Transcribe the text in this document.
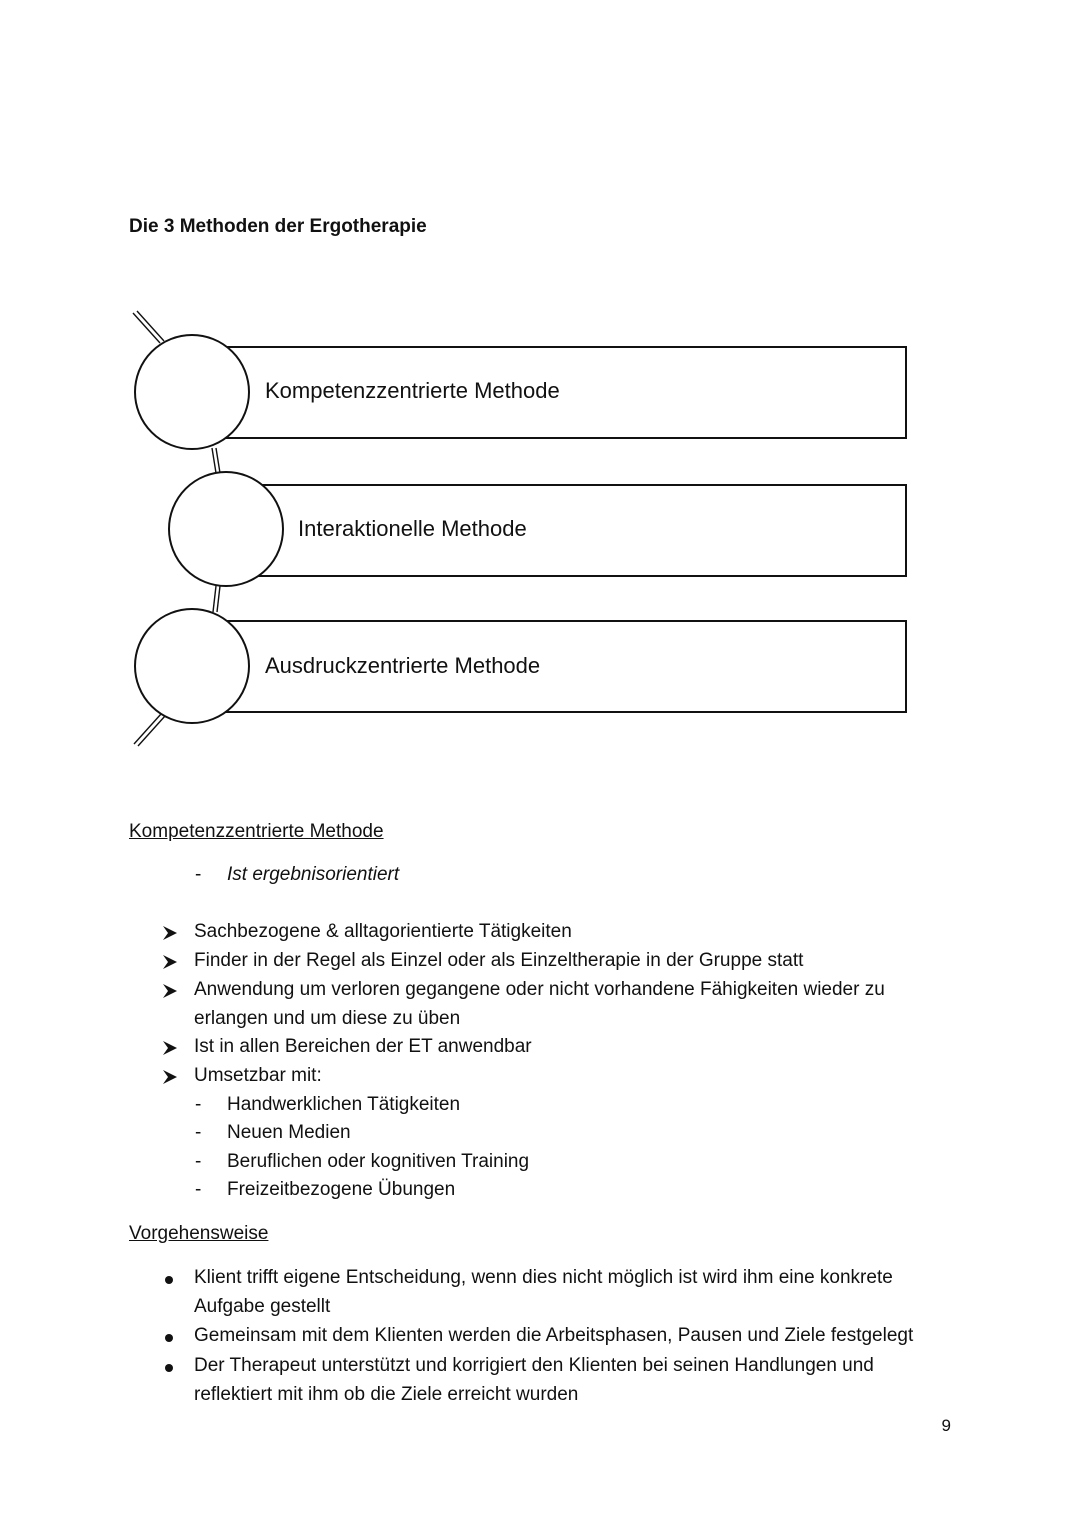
Die 3 Methoden der Ergotherapie
Kompetenzzentrierte Methode
Interaktionelle Methode
Ausdruckzentrierte Methode
Kompetenzzentrierte Methode
- Ist ergebnisorientiert
Sachbezogene & alltagorientierte Tätigkeiten
Finder in der Regel als Einzel oder als Einzeltherapie in der Gruppe statt
Anwendung um verloren gegangene oder nicht vorhandene Fähigkeiten wieder zu
erlangen und um diese zu üben
Ist in allen Bereichen der ET anwendbar
Umsetzbar mit:
- Handwerklichen Tätigkeiten
- Neuen Medien
- Beruflichen oder kognitiven Training
- Freizeitbezogene Übungen
Vorgehensweise
Klient trifft eigene Entscheidung, wenn dies nicht möglich ist wird ihm eine konkrete
Aufgabe gestellt
Gemeinsam mit dem Klienten werden die Arbeitsphasen, Pausen und Ziele festgelegt
Der Therapeut unterstützt und korrigiert den Klienten bei seinen Handlungen und
reflektiert mit ihm ob die Ziele erreicht wurden
9
